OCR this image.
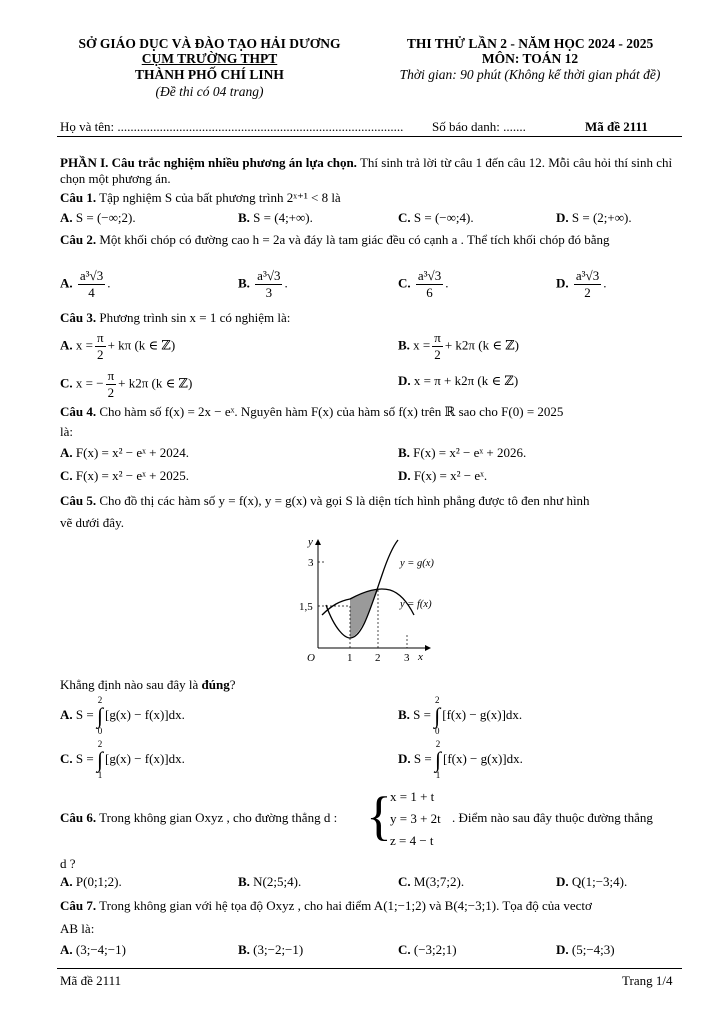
SỞ GIÁO DỤC VÀ ĐÀO TẠO HẢI DƯƠNG
CỤM TRƯỜNG THPT
THÀNH PHỐ CHÍ LINH
(Đề thi có 04 trang)
THI THỬ LẦN 2 - NĂM HỌC 2024 - 2025
MÔN: TOÁN 12
Thời gian: 90 phút (Không kể thời gian phát đề)
Họ và tên: ........................................................................................ Số báo danh: .......	Mã đề 2111
PHẦN I. Câu trắc nghiệm nhiều phương án lựa chọn. Thí sinh trả lời từ câu 1 đến câu 12. Mỗi câu hỏi thí sinh chỉ chọn một phương án.
Câu 1. Tập nghiệm S của bất phương trình 2ˣ⁺¹ < 8 là
A. S = (−∞;2).	B. S = (4;+∞).	C. S = (−∞;4).	D. S = (2;+∞).
Câu 2. Một khối chóp có đường cao h = 2a và đáy là tam giác đều có cạnh a . Thể tích khối chóp đó bằng
A. $\frac{\text{a³√3}}{4}$ .	B. $\frac{\text{a³√3}}{3}$ .	C. $\frac{\text{a³√3}}{6}$ .	D. $\frac{\text{a³√3}}{2}$ .
Câu 3. Phương trình sin x = 1 có nghiệm là:
A. $x = \frac{\pi}{2} + k\pi$ (k ∈ ℤ)	B. $x = \frac{\pi}{2} + k2\pi$ (k ∈ ℤ)
C. x = − $\frac{\pi}{2} + k2\pi$ (k ∈ ℤ)	D. x = π + k2π (k ∈ ℤ)
Câu 4. Cho hàm số f(x) = 2x − eˣ. Nguyên hàm F(x) của hàm số f(x) trên ℝ sao cho F(0) = 2025
là:
A. F(x) = x² − eˣ + 2024.	B. F(x) = x² − eˣ + 2026.
C. F(x) = x² − eˣ + 2025.	D. F(x) = x² − eˣ.
Câu 5. Cho đồ thị các hàm số y = f(x), y = g(x) và gọi S là diện tích hình phẳng được tô đen như hình
vẽ dưới đây.
y
x
O
3
1,5
1 2 3
y = g(x)
y = f(x)
Khẳng định nào sau đây là đúng?
A. S = 2
∫
0[g(x) − f(x)]dx.	B. S = 2
∫
0[f(x) − g(x)]dx.
C. S = 2
∫
1[g(x) − f(x)]dx.	D. S = 2
∫
1[f(x) − g(x)]dx.
Câu 6. Trong không gian Oxyz , cho đường thẳng d : {
x = 1 + t
y = 3 + 2t
z = 4 − t
. Điểm nào sau đây thuộc đường thẳng
d ?
A. P(0;1;2).	B. N(2;5;4).	C. M(3;7;2).	D. Q(1;−3;4).
Câu 7. Trong không gian với hệ tọa độ Oxyz , cho hai điểm A(1;−1;2) và B(4;−3;1). Tọa độ của vectơ
AB là:
A. (3;−4;−1)	B. (3;−2;−1)	C. (−3;2;1)	D. (5;−4;3)
Mã đề 2111	Trang 1/4
